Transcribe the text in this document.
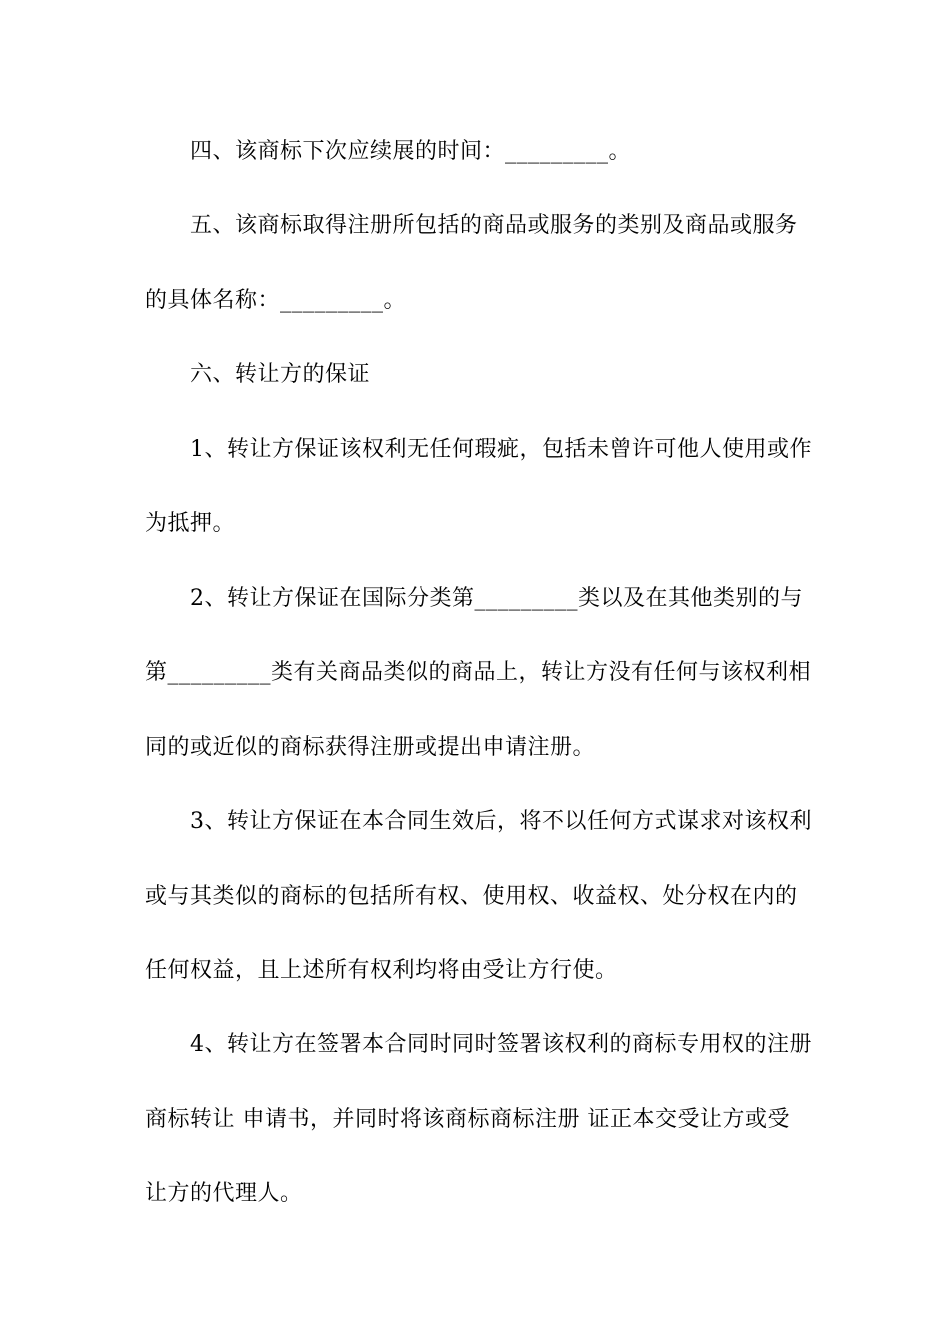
四、该商标下次应续展的时间：_________。
五、该商标取得注册所包括的商品或服务的类别及商品或服务
的具体名称：_________。
六、转让方的保证
1、转让方保证该权利无任何瑕疵，包括未曾许可他人使用或作
为抵押。
2、转让方保证在国际分类第_________类以及在其他类别的与
第_________类有关商品类似的商品上，转让方没有任何与该权利相
同的或近似的商标获得注册或提出申请注册。
3、转让方保证在本合同生效后，将不以任何方式谋求对该权利
或与其类似的商标的包括所有权、使用权、收益权、处分权在内的
任何权益，且上述所有权利均将由受让方行使。
4、转让方在签署本合同时同时签署该权利的商标专用权的注册
商标转让 申请书，并同时将该商标商标注册 证正本交受让方或受
让方的代理人。
